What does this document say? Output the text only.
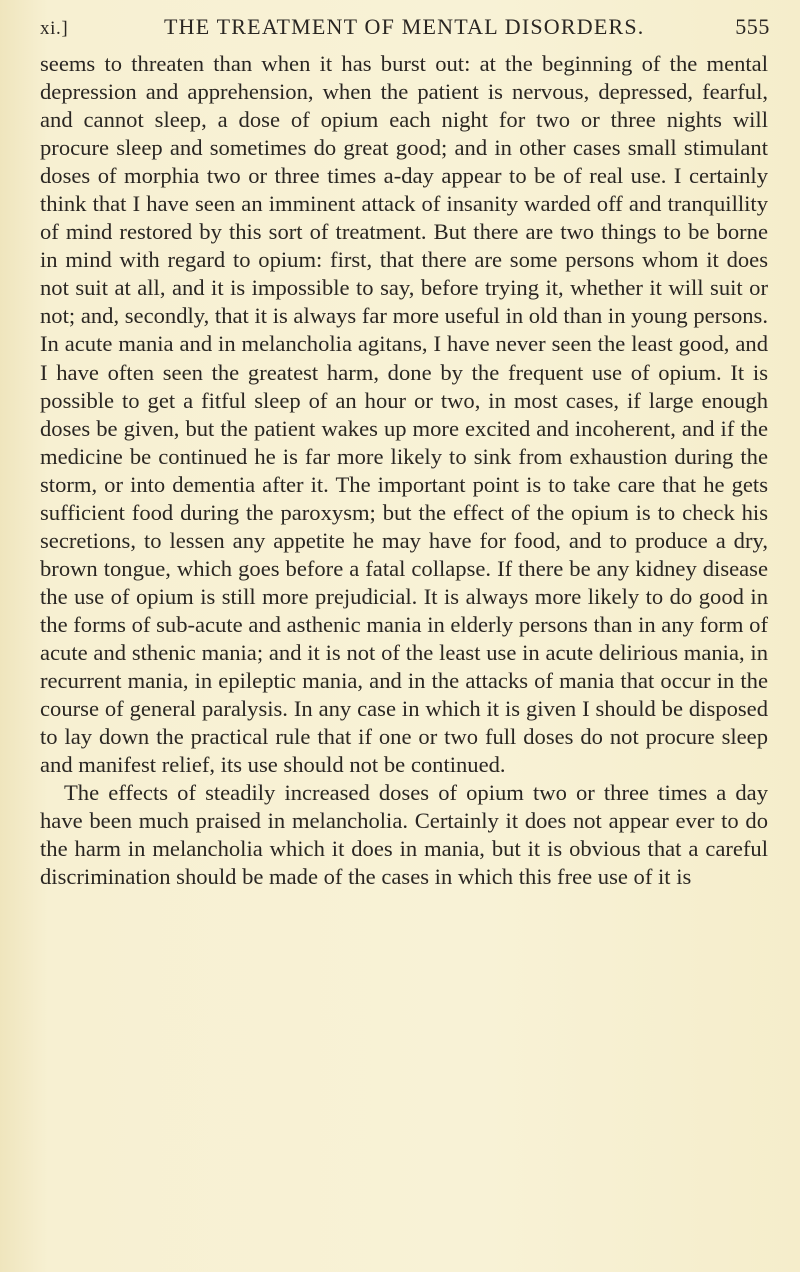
xi.]	THE TREATMENT OF MENTAL DISORDERS.	555

seems to threaten than when it has burst out: at the beginning of the mental depression and apprehension, when the patient is nervous, depressed, fearful, and cannot sleep, a dose of opium each night for two or three nights will procure sleep and sometimes do great good; and in other cases small stimulant doses of morphia two or three times a-day appear to be of real use. I certainly think that I have seen an imminent attack of insanity warded off and tranquillity of mind restored by this sort of treatment. But there are two things to be borne in mind with regard to opium: first, that there are some persons whom it does not suit at all, and it is impossible to say, before trying it, whether it will suit or not; and, secondly, that it is always far more useful in old than in young persons. In acute mania and in melancholia agitans, I have never seen the least good, and I have often seen the greatest harm, done by the frequent use of opium. It is possible to get a fitful sleep of an hour or two, in most cases, if large enough doses be given, but the patient wakes up more excited and incoherent, and if the medicine be continued he is far more likely to sink from exhaustion during the storm, or into dementia after it. The important point is to take care that he gets sufficient food during the paroxysm; but the effect of the opium is to check his secretions, to lessen any appetite he may have for food, and to produce a dry, brown tongue, which goes before a fatal collapse. If there be any kidney disease the use of opium is still more prejudicial. It is always more likely to do good in the forms of sub-acute and asthenic mania in elderly persons than in any form of acute and sthenic mania; and it is not of the least use in acute delirious mania, in recurrent mania, in epileptic mania, and in the attacks of mania that occur in the course of general paralysis. In any case in which it is given I should be disposed to lay down the practical rule that if one or two full doses do not procure sleep and manifest relief, its use should not be continued.

The effects of steadily increased doses of opium two or three times a day have been much praised in melancholia. Certainly it does not appear ever to do the harm in melancholia which it does in mania, but it is obvious that a careful discrimination should be made of the cases in which this free use of it is
